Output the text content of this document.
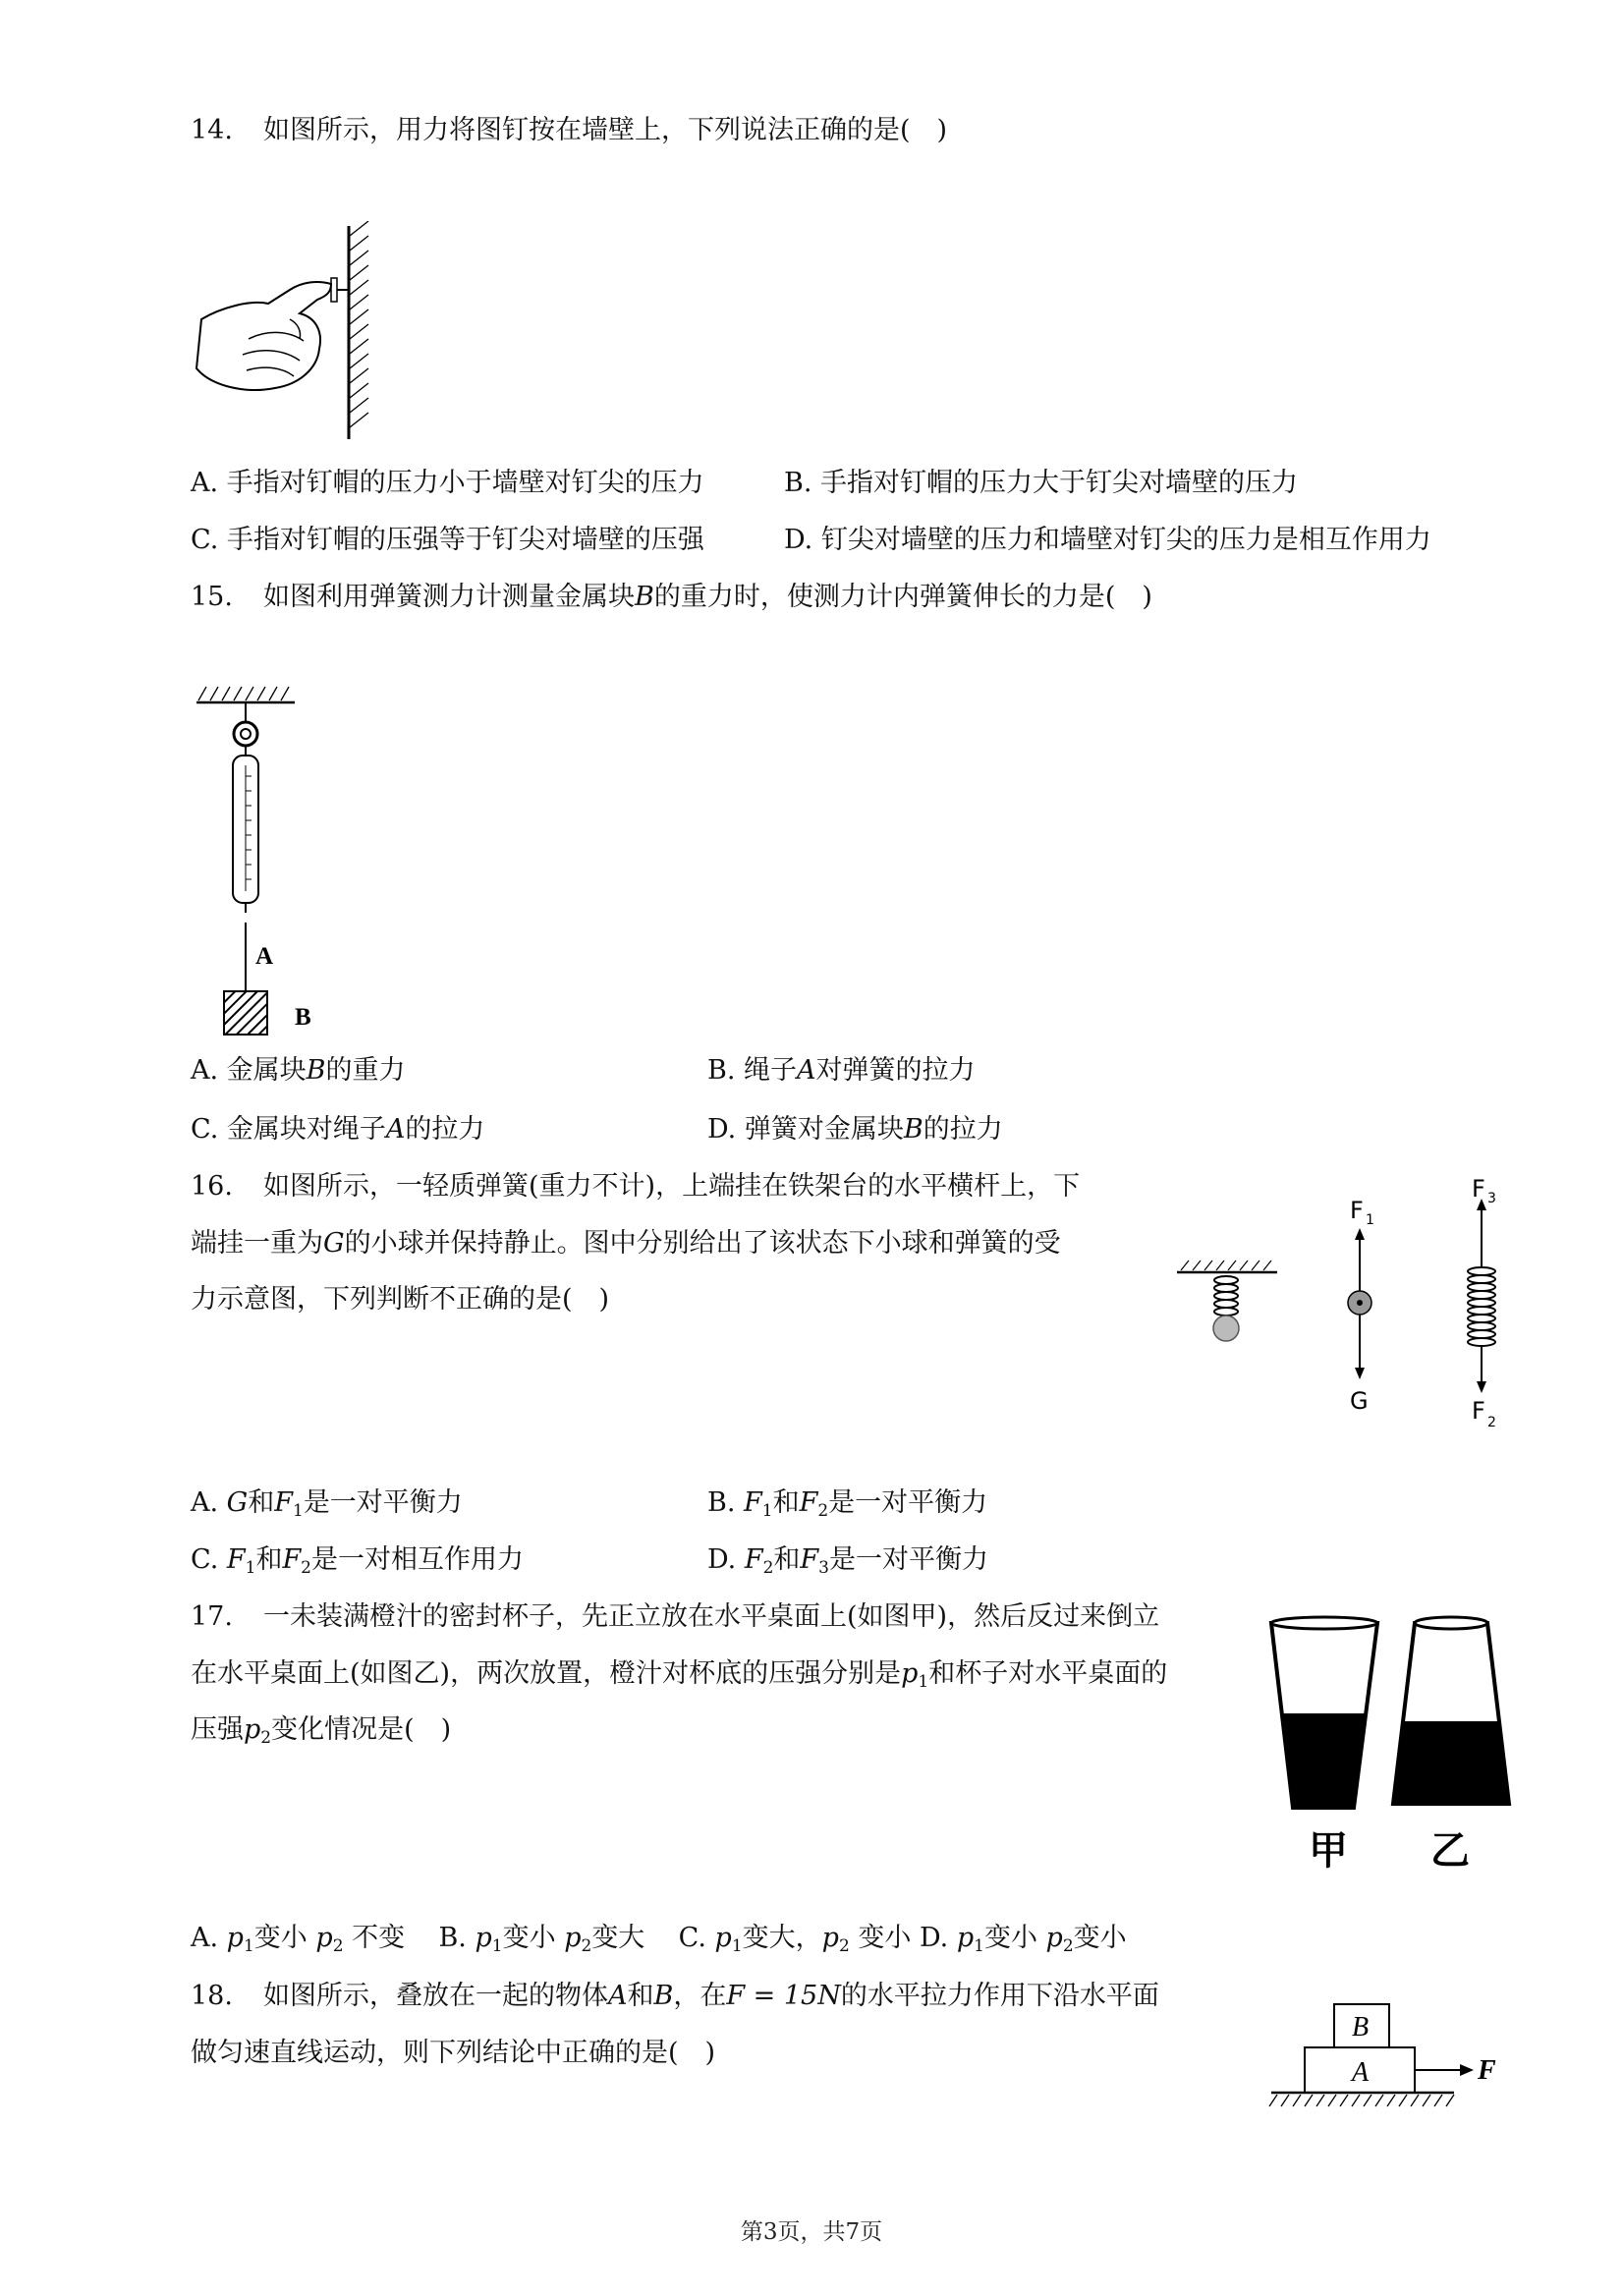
14. 如图所示，用力将图钉按在墙壁上，下列说法正确的是(　)
A. 手指对钉帽的压力小于墙壁对钉尖的压力	B. 手指对钉帽的压力大于钉尖对墙壁的压力
C. 手指对钉帽的压强等于钉尖对墙壁的压强	D. 钉尖对墙壁的压力和墙壁对钉尖的压力是相互作用力
15. 如图利用弹簧测力计测量金属块B的重力时，使测力计内弹簧伸长的力是(　)
A
B
A. 金属块B的重力	B. 绳子A对弹簧的拉力
C. 金属块对绳子A的拉力	D. 弹簧对金属块B的拉力
16. 如图所示，一轻质弹簧(重力不计)，上端挂在铁架台的水平横杆上，下
端挂一重为G的小球并保持静止。图中分别给出了该状态下小球和弹簧的受
力示意图，下列判断不正确的是(　)
F 1
G
F 3
F 2
A. G和$F_1$是一对平衡力	B. $F_1$和$F_2$是一对平衡力
C. $F_1$和$F_2$是一对相互作用力	D. $F_2$和$F_3$是一对平衡力
17. 一未装满橙汁的密封杯子，先正立放在水平桌面上(如图甲)，然后反过来倒立
在水平桌面上(如图乙)，两次放置，橙汁对杯底的压强分别是$p_1$和杯子对水平桌面的
压强$p_2$变化情况是(　)
甲 乙
A. $p_1$变小 $p_2$ 不变 B. $p_1$变小 $p_2$变大 C. $p_1$变大，$p_2$ 变小 D. $p_1$变小 $p_2$变小
18. 如图所示，叠放在一起的物体A和B，在F = 15N的水平拉力作用下沿水平面
做匀速直线运动，则下列结论中正确的是(　)
B
A	F
第3页，共7页
